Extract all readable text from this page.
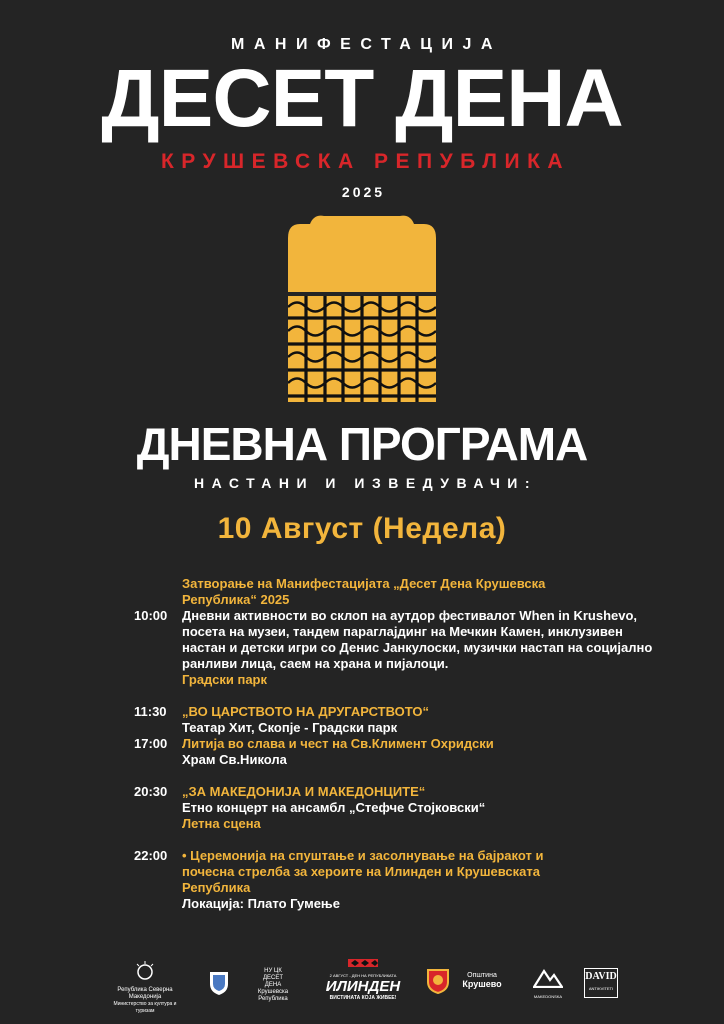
МАНИФЕСТАЦИЈА
ДЕСЕТ ДЕНА
КРУШЕВСКА РЕПУБЛИКА
2025
ДНЕВНА ПРОГРАМА
НАСТАНИ И ИЗВЕДУВАЧИ:
10 Август (Недела)
Затворање на Манифестацијата „Десет Дена Крушевска
Република“ 2025
10:00	Дневни активности во склоп на аутдор фестивалот When in Krushevo,
посета на музеи, тандем параглајдинг на Мечкин Камен, инклузивен
настан и детски игри со Денис Јанкулоски, музички настап на социјално
ранливи лица, саем на храна и пијалоци.
Градски парк
11:30	„ВО ЦАРСТВОТО НА ДРУГАРСТВОТО“
Театар Хит, Скопје - Градски парк
17:00	Литија во слава и чест на Св.Климент Охридски
Храм Св.Никола
20:30	„ЗА МАКЕДОНИЈА И МАКЕДОНЦИТЕ“
Етно концерт на ансамбл „Стефче Стојковски“
Летна сцена
22:00	• Церемонија на спуштање и засолнување на бајракот и
почесна стрелба за хероите на Илинден и Крушевската
Република
Локација: Плато Гумење
Република Северна Македонија
Министерство за култура и туризам
НУ ЦК
ДЕСЕТ ДЕНА
Крушевска
Република
2 АВГУСТ - ДЕН НА РЕПУБЛИКАТА
ИЛИНДЕН
ВИСТИНАТА КОЈА ЖИВЕЕ!
Општина
Крушево
MAKEDONSKA
DAVID
ANTIKVITETI
